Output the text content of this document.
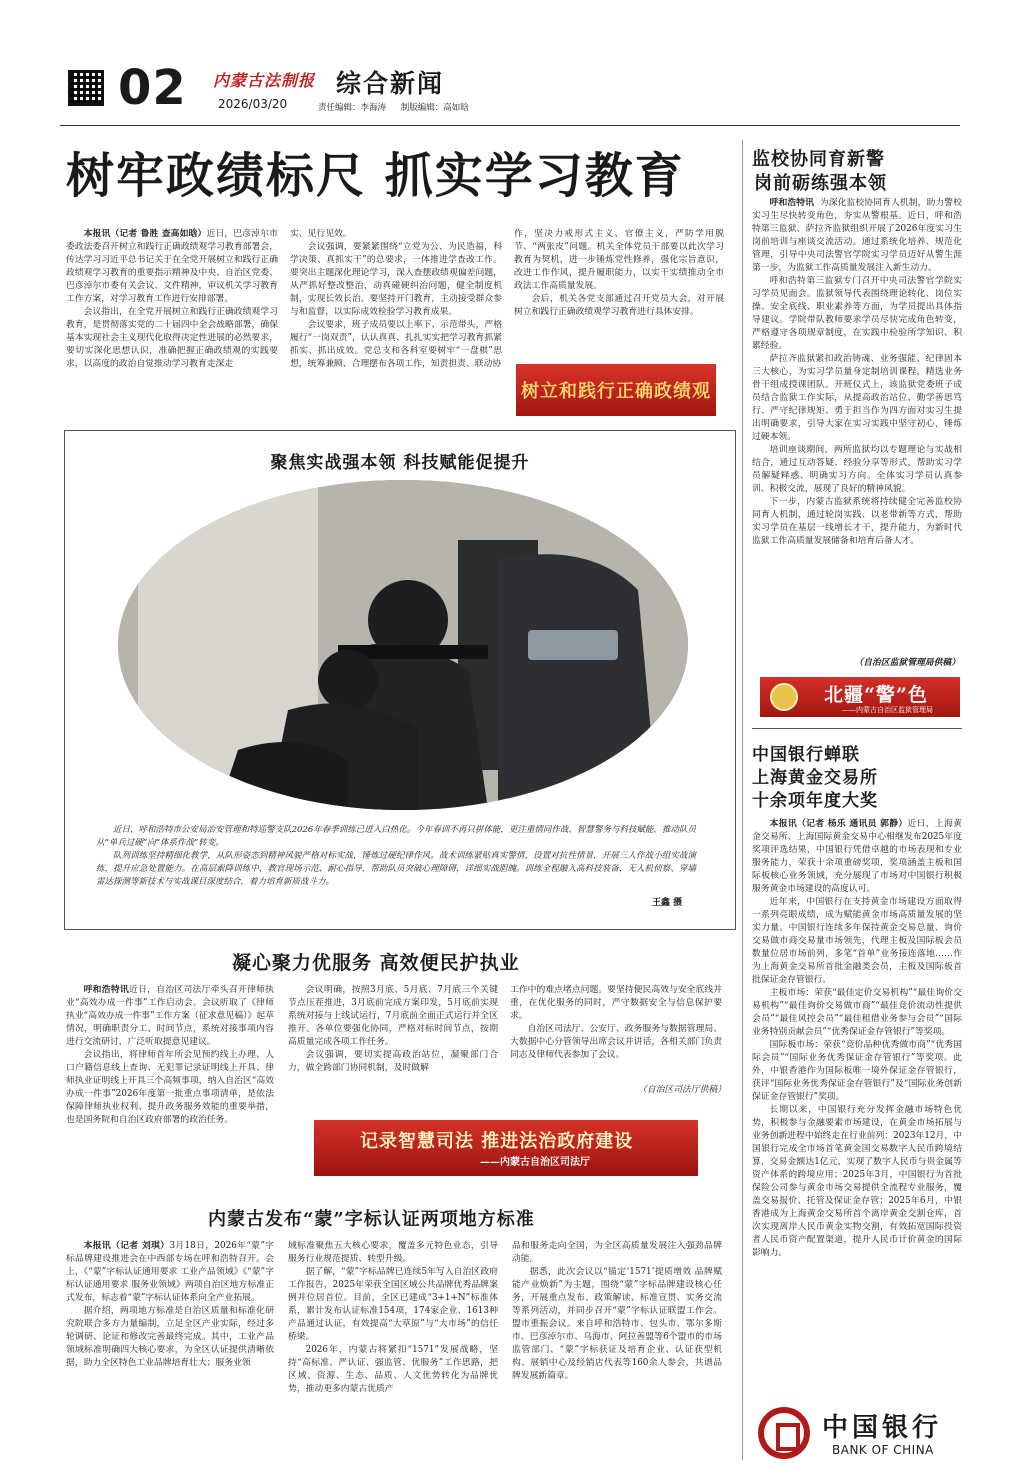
02 内蒙古法制报
2026/03/20
综合新闻
责任编辑：李海涛 制版编辑：高如晗
树牢政绩标尺 抓实学习教育

本报讯（记者 鲁胜 查高如晗）近日，巴彦淖尔市委政法委召开树立和践行正确政绩观学习教育部署会，传达学习习近平总书记关于在全党开展树立和践行正确政绩观学习教育的重要指示精神及中央、自治区党委、巴彦淖尔市委有关会议、文件精神，审议机关学习教育工作方案，对学习教育工作进行安排部署。

会议指出，在全党开展树立和践行正确政绩观学习教育，是贯彻落实党的二十届四中全会战略部署，确保基本实现社会主义现代化取得决定性进展的必然要求，要切实深化思想认识，准确把握正确政绩观的实践要求，以高度的政治自觉推动学习教育走深走

实、见行见效。

会议强调，要紧紧围绕“立党为公、为民造福，科学决策、真抓实干”的总要求，一体推进学查改工作。要突出主题深化理论学习，深入查摆政绩观偏差问题，从严抓好整改整治，动真碰硬纠治问题，健全制度机制，实现长效长治。要坚持开门教育，主动接受群众参与和监督，以实际成效检验学习教育成果。

会议要求，班子成员要以上率下、示范带头，严格履行“一岗双责”，认认真真、扎扎实实把学习教育抓紧抓实、抓出成效。党总支和各科室要树牢“一盘棋”思想，统筹兼顾、合理摆布各项工作，知责担责、联动协

作，坚决力戒形式主义、官僚主义，严防学用脱节、“两张皮”问题。机关全体党员干部要以此次学习教育为契机，进一步锤炼党性修养，强化宗旨意识，改进工作作风，提升履职能力，以实干实绩推动全市政法工作高质量发展。

会后，机关各党支部通过召开党员大会，对开展树立和践行正确政绩观学习教育进行具体安排。

树立和践行正确政绩观
聚焦实战强本领 科技赋能促提升

近日，呼和浩特市公安局治安管理和特巡警支队2026年春季训练已进入白热化。今年春训不再只拼体能，更注重情同作战、智慧警务与科技赋能，推动队员从“单兵过硬”向“体系作战”转变。

队列训练坚持精细化教学，从队形姿态到精神风貌严格对标实战，锤炼过硬纪律作风。战术训练紧贴真实警情，设置对抗性情景，开展三人作战小组实战演练，提升应急处置能力。在高层索降训练中，教官现场示范、耐心指导，帮助队员突破心理障碍，详细实战胆魄。训练全程融入高科技装备，无人机侦察、穿墙雷达探测等新技术与实战课目深度结合，着力培育新质战斗力。

王鑫 摄
凝心聚力优服务 高效便民护执业

呼和浩特讯近日，自治区司法厅牵头召开律师执业“高效办成一件事”工作启动会。会议听取了《律师执业“高效办成一件事”工作方案（征求意见稿）》起草情况，明确职责分工、时间节点，系统对接事项内容进行交流研讨，广泛听取提意见建议。

会议指出，将律师首年所会见预约线上办理、人口户籍信息线上查询、无犯罪记录证明线上开具、律师执业证明线上开具三个高频事项，纳入自治区“高效办成一件事”2026年度第一批重点事项清单，是依法保障律师执业权利、提升政务服务效能的重要举措，也是国务院和自治区政府部署的政治任务。

会议明确，按照3月底、5月底、7月底三个关键节点压茬推进，3月底前完成方案印发，5月底前实现系统对接与上线试运行，7月底前全面正式运行并全区推开。各单位要强化协同，严格对标时间节点，按期高质量完成各项工作任务。

会议强调，要切实提高政治站位，凝聚部门合力，做全跨部门协同机制，及时做解

工作中的难点堵点问题。要坚持便民高效与安全底线并重，在优化服务的同时，严守数据安全与信息保护要求。

自治区司法厅、公安厅、政务服务与数据管理局、大数据中心分管领导出席会议并讲话，各相关部门负责同志及律师代表参加了会议。

（自治区司法厅供稿）
记录智慧司法 推进法治政府建设
——内蒙古自治区司法厅
内蒙古发布“蒙”字标认证两项地方标准

本报讯（记者 刘琪）3月18日，2026年“蒙”字标品牌建设推进会在中西部专场在呼和浩特召开。会上，《“蒙”字标认证通用要求 工业产品领域》《“蒙”字标认证通用要求 服务业领域》两项自治区地方标准正式发布，标志着“蒙”字标认证体系向全产业拓展。

据介绍，两项地方标准是自治区质量和标准化研究院联合多方力量编制，立足全区产业实际，经过多轮调研、论证和修改完善最终完成。其中，工业产品领域标准明确四大核心要求，为全区认证提供清晰依据，助力全区特色工业品牌培育壮大；服务业领

域标准聚焦五大核心要求，覆盖多元特色业态，引导服务行业规范提质、转型升级。

据了解，“蒙”字标品牌已连续5年写入自治区政府工作报告，2025年荣获全国区域公共品牌优秀品牌案例并位居首位。目前，全区已建成“3+1+N”标准体系，累计发布认证标准154项，174家企业、1613种产品通过认证，有效提高“大草原”与“大市场”的信任桥梁。

2026年，内蒙古将紧扣“1571”发展战略，坚持“高标准、严认证、强监管、优服务”工作思路，把区域、资源、生态、品质、人文优势转化为品牌优势，推动更多内蒙古优质产

品和服务走向全国，为全区高质量发展注入强劲品牌动能。

据悉，此次会议以“锚定‘1571’提质增效 品牌赋能产业焕新”为主题，围绕“蒙”字标品牌建设核心任务，开展重点发布、政策解读、标准宣贯、实务交流等系列活动，并同步召开“蒙”字标认证联盟工作会。盟市重振会议。来自呼和浩特市、包头市、鄂尔多斯市、巴彦淖尔市、乌海市、阿拉善盟等6个盟市的市场监管部门、“蒙”字标获证及培育企业、认证获型机构、展销中心及经销店代表等160余人参会，共谱品牌发展新篇章。

监校协同育新警
岗前砺练强本领

呼和浩特讯 为深化监校协同育人机制，助力警校实习生尽快转变角色，夯实从警根基。近日，呼和浩特第三监狱、萨拉齐监狱组织开展了2026年度实习生岗前培训与座谈交流活动。通过系统化培养、规范化管理，引导中央司法警官学院实习学员迈好从警生涯第一步，为监狱工作高质量发展注入新生动力。

呼和浩特第三监狱专门召开中央司法警官学院实习学员见面会。监狱领导代表围绕理论转化、岗位实操、安全底线、职业素养等方面，为学员提出具体指导建议。学院带队教师要求学员尽快完成角色转变，严格遵守各项规章制度，在实践中检验所学知识、积累经验。

萨拉齐监狱紧扣政治铸魂、业务强能、纪律固本三大核心，为实习学员量身定制培训课程，精选业务骨干组成授课团队。开班仪式上，该监狱党委班子成员结合监狱工作实际，从提高政治站位、勤学善思笃行、严守纪律规矩、勇于担当作为四方面对实习生提出明确要求，引导大家在实习实践中坚守初心，锤炼过硬本领。

培训座谈期间，两所监狱均以专题理论与实战相结合，通过互动答疑、经验分享等形式，帮助实习学员解疑释惑、明确实习方向。全体实习学员认真参训、积极交流，展现了良好的精神风貌。

下一步，内蒙古监狱系统将持续健全完善监校协同育人机制，通过轮岗实践、以老带新等方式，帮助实习学员在基层一线增长才干，提升能力，为新时代监狱工作高质量发展储备和培育后备人才。

（自治区监狱管理局供稿）
北疆“警”色
——内蒙古自治区监狱管理局
中国银行蝉联
上海黄金交易所
十余项年度大奖

本报讯（记者 杨乐 通讯员 郭静）近日，上海黄金交易所、上海国际黄金交易中心相继发布2025年度奖项评选结果，中国银行凭借卓越的市场表现和专业服务能力，荣获十余项重磅奖项，奖项涵盖主板和国际板核心业务领域，充分展现了市场对中国银行积极服务黄金市场建设的高度认可。

近年来，中国银行在支持黄金市场建设方面取得一系列亮眼成绩，成为赋能黄金市场高质量发展的坚实力量。中国银行连续多年保持黄金交易总量、询价交易做市商交易量市场领先，代理主板及国际板会员数量位居市场前列，多笔“首单”业务接连落地……作为上海黄金交易所首批金融类会员，主板及国际板首批保证金存管银行。

主板市场：荣获“最佳定价交易机构”“最佳询价交易机构”“最佳询价交易做市商”“最佳竞价流动性提供会员”“最佳风控会员”“最佳租借业务参与会员”“国际业务特别贡献会员”“优秀保证金存管银行”等奖项。

国际板市场：荣获“竞价品种优秀做市商”“优秀国际会员”“国际业务优秀保证金存管银行”等奖项。此外，中银香港作为国际板唯一境外保证金存管银行，获评“国际业务优秀保证金存管银行”及“国际业务创新保证金存管银行”奖项。

长期以来，中国银行充分发挥金融市场特色优势，积极参与金融要素市场建设，在黄金市场拓展与业务创新进程中始终走在行业前列：2023年12月，中国银行完成全市场首笔黄金国交易数字人民币跨境结算，交易金额达1亿元，实现了数字人民币与贵金属等资产体系的跨境应用；2025年3月，中国银行为首批保险公司参与黄金市场交易提供全流程专业服务，覆盖交易报价、托管及保证金存管；2025年6月，中银香港成为上海黄金交易所首个离岸黄金交割仓库，首次实现离岸人民币黄金实物交割，有效拓宽国际投资者人民币资产配置渠道，提升人民币计价黄金的国际影响力。

中国银行
BANK OF CHINA
